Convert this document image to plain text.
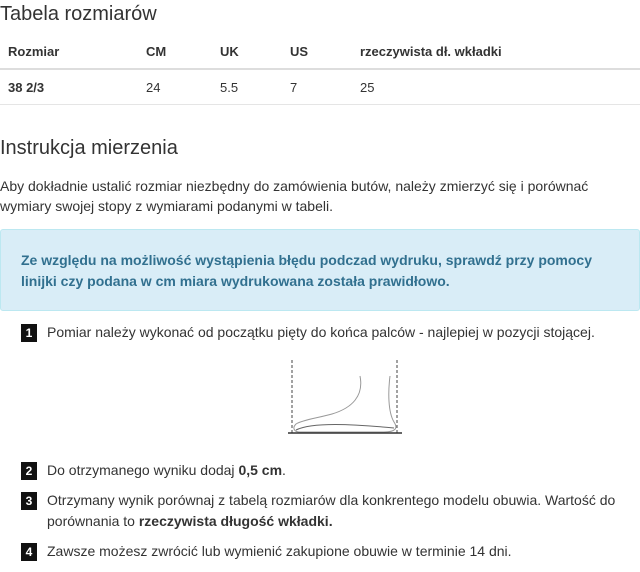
Tabela rozmiarów
Rozmiar	CM	UK	US	rzeczywista dł. wkładki
38 2/3	24	5.5	7	25
Instrukcja mierzenia

Aby dokładnie ustalić rozmiar niezbędny do zamówienia butów, należy zmierzyć się i porównać wymiary swojej stopy z wymiarami podanymi w tabeli.

Ze względu na możliwość wystąpienia błędu podczad wydruku, sprawdź przy pomocy linijki czy podana w cm miara wydrukowana została prawidłowo.

1	Pomiar należy wykonać od początku pięty do końca palców - najlepiej w pozycji stojącej.

2	Do otrzymanego wyniku dodaj 0,5 cm.

3	Otrzymany wynik porównaj z tabelą rozmiarów dla konkrentego modelu obuwia. Wartość do porównania to rzeczywista długość wkładki.

4	Zawsze możesz zwrócić lub wymienić zakupione obuwie w terminie 14 dni.
